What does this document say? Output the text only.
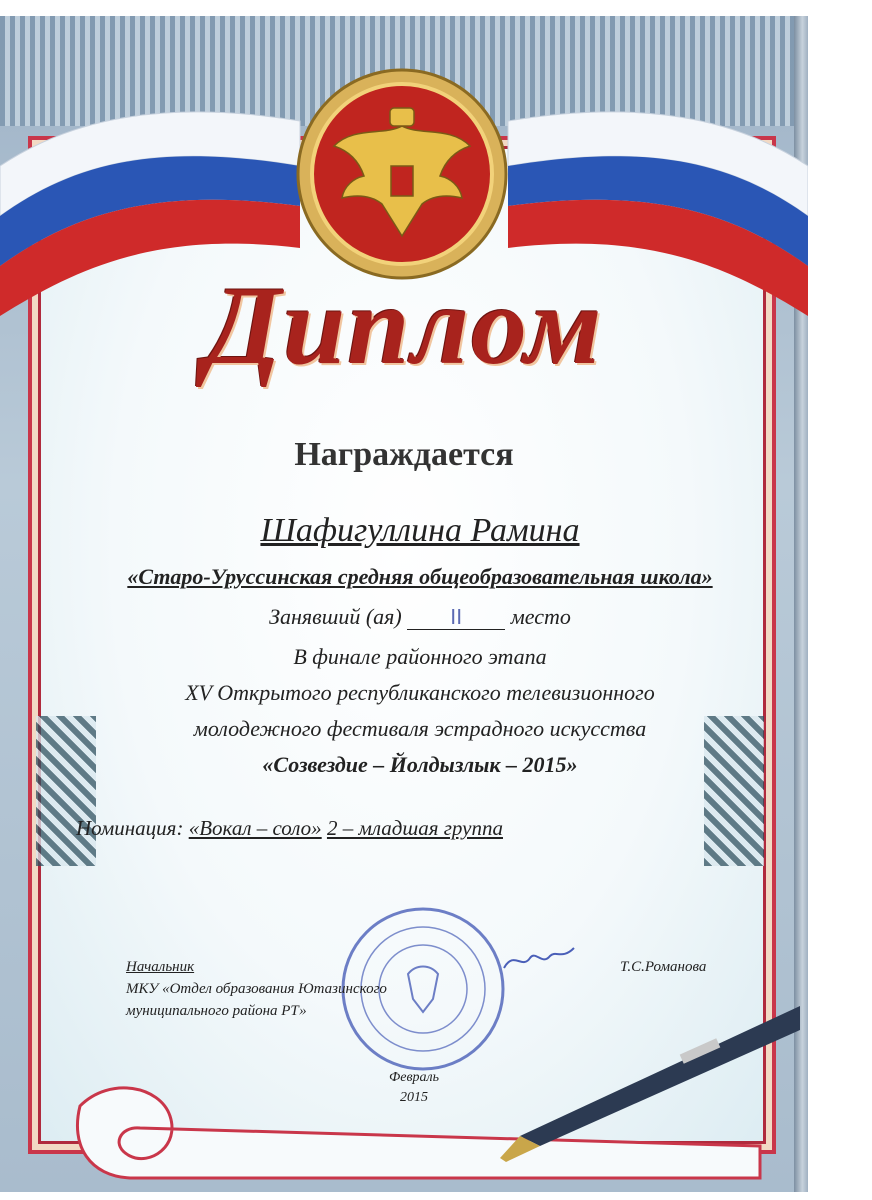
Диплом
Награждается
Шафигуллина Рамина
«Старо-Уруссинская средняя общеобразовательная школа»
Занявший (ая) II место
В финале районного этапа
XV Открытого республиканского телевизионного
молодежного фестиваля эстрадного искусства
«Созвездие – Йолдызлык – 2015»
Номинация: «Вокал – соло» 2 – младшая группа
Начальник
МКУ «Отдел образования Ютазинского
муниципального района РТ»
Т.С.Романова
Февраль
2015
